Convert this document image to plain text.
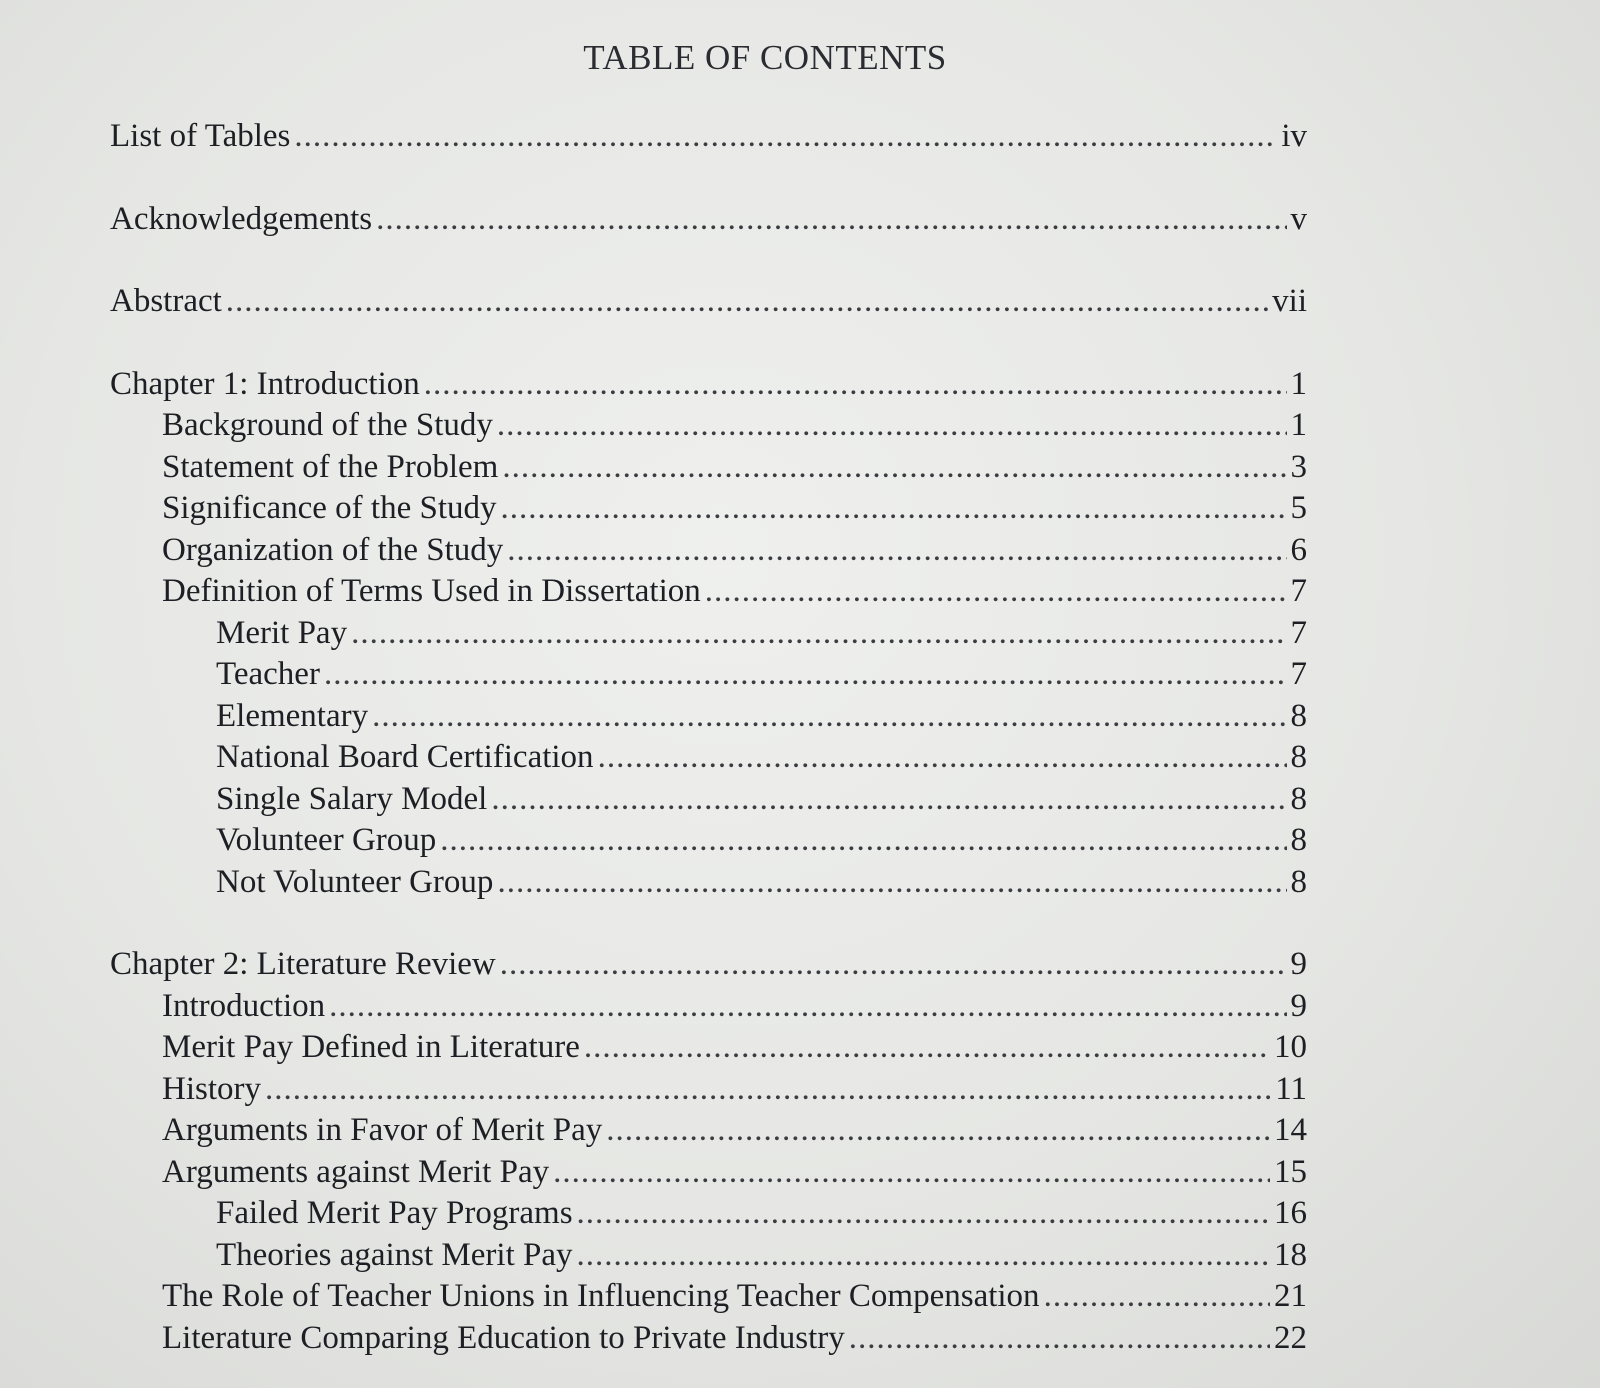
TABLE OF CONTENTS
List of Tables .....	iv
Acknowledgements .....	v
Abstract .....	vii
Chapter 1: Introduction .....	1
Background of the Study .....	1
Statement of the Problem .....	3
Significance of the Study .....	5
Organization of the Study .....	6
Definition of Terms Used in Dissertation .....	7
Merit Pay .....	7
Teacher .....	7
Elementary .....	8
National Board Certification .....	8
Single Salary Model .....	8
Volunteer Group .....	8
Not Volunteer Group .....	8
Chapter 2: Literature Review .....	9
Introduction .....	9
Merit Pay Defined in Literature .....	10
History .....	11
Arguments in Favor of Merit Pay .....	14
Arguments against Merit Pay .....	15
Failed Merit Pay Programs .....	16
Theories against Merit Pay .....	18
The Role of Teacher Unions in Influencing Teacher Compensation .....	21
Literature Comparing Education to Private Industry .....	22
